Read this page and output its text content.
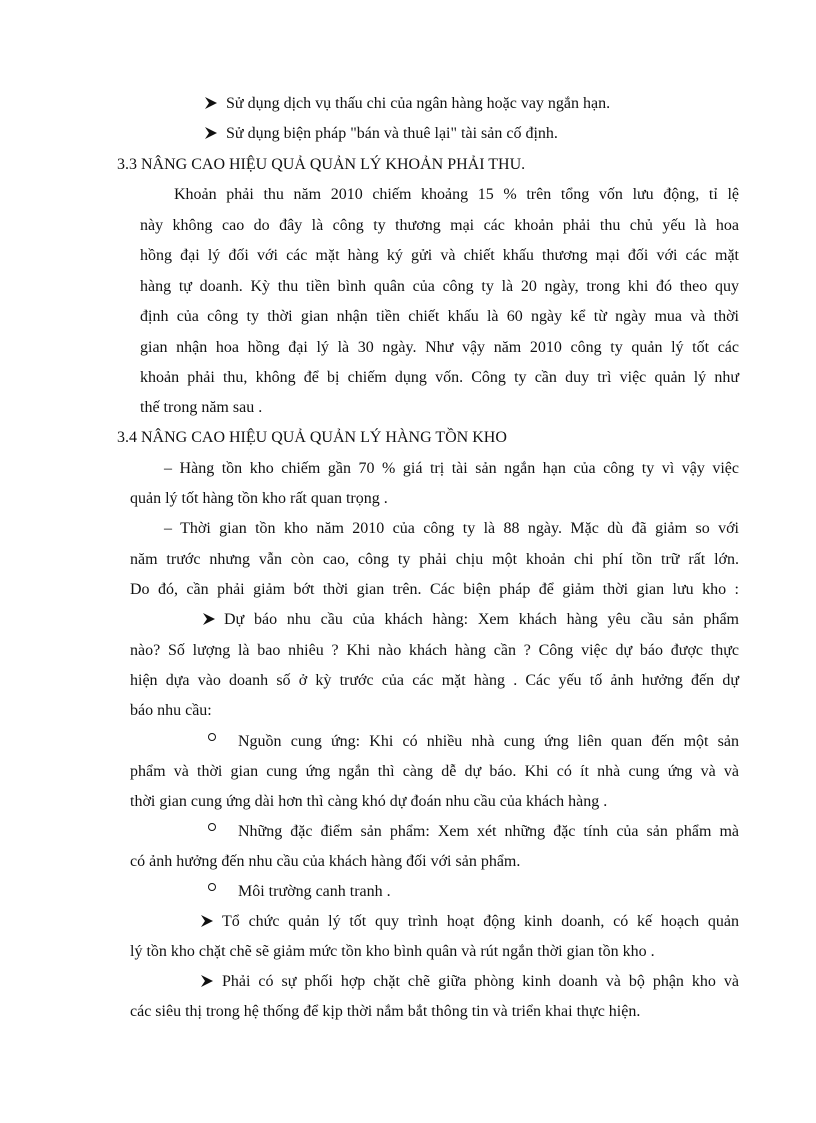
Sử dụng dịch vụ thấu chi của ngân hàng hoặc vay ngắn hạn.
Sử dụng biện pháp "bán và thuê lại" tài sản cố định.
3.3 NÂNG CAO HIỆU QUẢ QUẢN LÝ KHOẢN PHẢI THU.
Khoản phải thu năm 2010 chiếm khoảng 15 % trên tổng vốn lưu động, tỉ lệ
này không cao do đây là công ty thương mại các khoản phải thu chủ yếu là hoa
hồng đại lý đối với các mặt hàng ký gửi và chiết khấu thương mại đối với các mặt
hàng tự doanh. Kỳ thu tiền bình quân của công ty là 20 ngày, trong khi đó theo quy
định của công ty thời gian nhận tiền chiết khấu là 60 ngày kể từ ngày mua và thời
gian nhận hoa hồng đại lý là 30 ngày. Như vậy năm 2010 công ty quản lý tốt các
khoản phải thu, không để bị chiếm dụng vốn. Công ty cần duy trì việc quản lý như
thế trong năm sau .
3.4 NÂNG CAO HIỆU QUẢ QUẢN LÝ HÀNG TỒN KHO
– Hàng tồn kho chiếm gần 70 % giá trị tài sản ngắn hạn của công ty vì vậy việc
quản lý tốt hàng tồn kho rất quan trọng .
– Thời gian tồn kho năm 2010 của công ty là 88 ngày. Mặc dù đã giảm so với
năm trước nhưng vẫn còn cao, công ty phải chịu một khoản chi phí tồn trữ rất lớn.
Do đó, cần phải giảm bớt thời gian trên. Các biện pháp để giảm thời gian lưu kho :
Dự báo nhu cầu của khách hàng: Xem khách hàng yêu cầu sản phẩm
nào? Số lượng là bao nhiêu ? Khi nào khách hàng cần ? Công việc dự báo được thực
hiện dựa vào doanh số ở kỳ trước của các mặt hàng . Các yếu tố ảnh hưởng đến dự
báo nhu cầu:
Nguồn cung ứng: Khi có nhiều nhà cung ứng liên quan đến một sản
phẩm và thời gian cung ứng ngắn thì càng dễ dự báo. Khi có ít nhà cung ứng và và
thời gian cung ứng dài hơn thì càng khó dự đoán nhu cầu của khách hàng .
Những đặc điểm sản phẩm: Xem xét những đặc tính của sản phẩm mà
có ảnh hưởng đến nhu cầu của khách hàng đối với sản phẩm.
Môi trường canh tranh .
Tổ chức quản lý tốt quy trình hoạt động kinh doanh, có kế hoạch quản
lý tồn kho chặt chẽ sẽ giảm mức tồn kho bình quân và rút ngắn thời gian tồn kho .
Phải có sự phối hợp chặt chẽ giữa phòng kinh doanh và bộ phận kho và
các siêu thị trong hệ thống để kịp thời nắm bắt thông tin và triển khai thực hiện.
